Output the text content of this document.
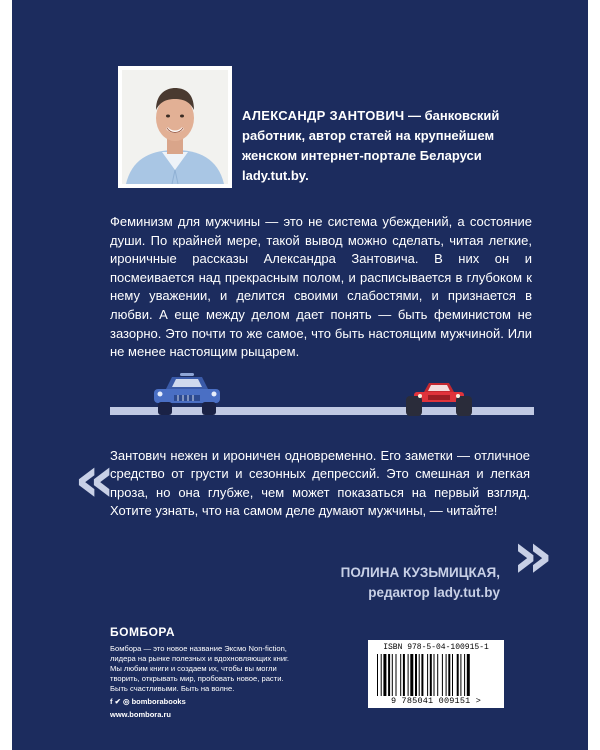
АЛЕКСАНДР ЗАНТОВИЧ — банковский
работник, автор статей на крупнейшем
женском интернет-портале Беларуси
lady.tut.by.
Феминизм для мужчины — это не система убеждений, а состояние души. По крайней мере, такой вывод можно сделать, читая легкие, ироничные рассказы Александра Зантовича. В них он и посмеивается над прекрасным полом, и расписывается в глубоком к нему уважении, и делится своими слабостями, и признается в любви. А еще между делом дает понять — быть феминистом не зазорно. Это почти то же самое, что быть настоящим мужчиной. Или не менее настоящим рыцарем.
«
Зантович нежен и ироничен одновременно. Его заметки — отличное средство от грусти и сезонных депрессий. Это смешная и легкая проза, но она глубже, чем может показаться на первый взгляд. Хотите узнать, что на самом деле думают мужчины, — читайте!
»
ПОЛИНА КУЗЬМИЦКАЯ,
редактор lady.tut.by
БОМБОРА
Бомбора — это новое название Эксмо Non-fiction,
лидера на рынке полезных и вдохновляющих книг.
Мы любим книги и создаем их, чтобы вы могли
творить, открывать мир, пробовать новое, расти.
Быть счастливыми. Быть на волне.
f ✔ ◎ bomborabooks
www.bombora.ru
ISBN 978-5-04-100915-1
9 785041 009151 >
